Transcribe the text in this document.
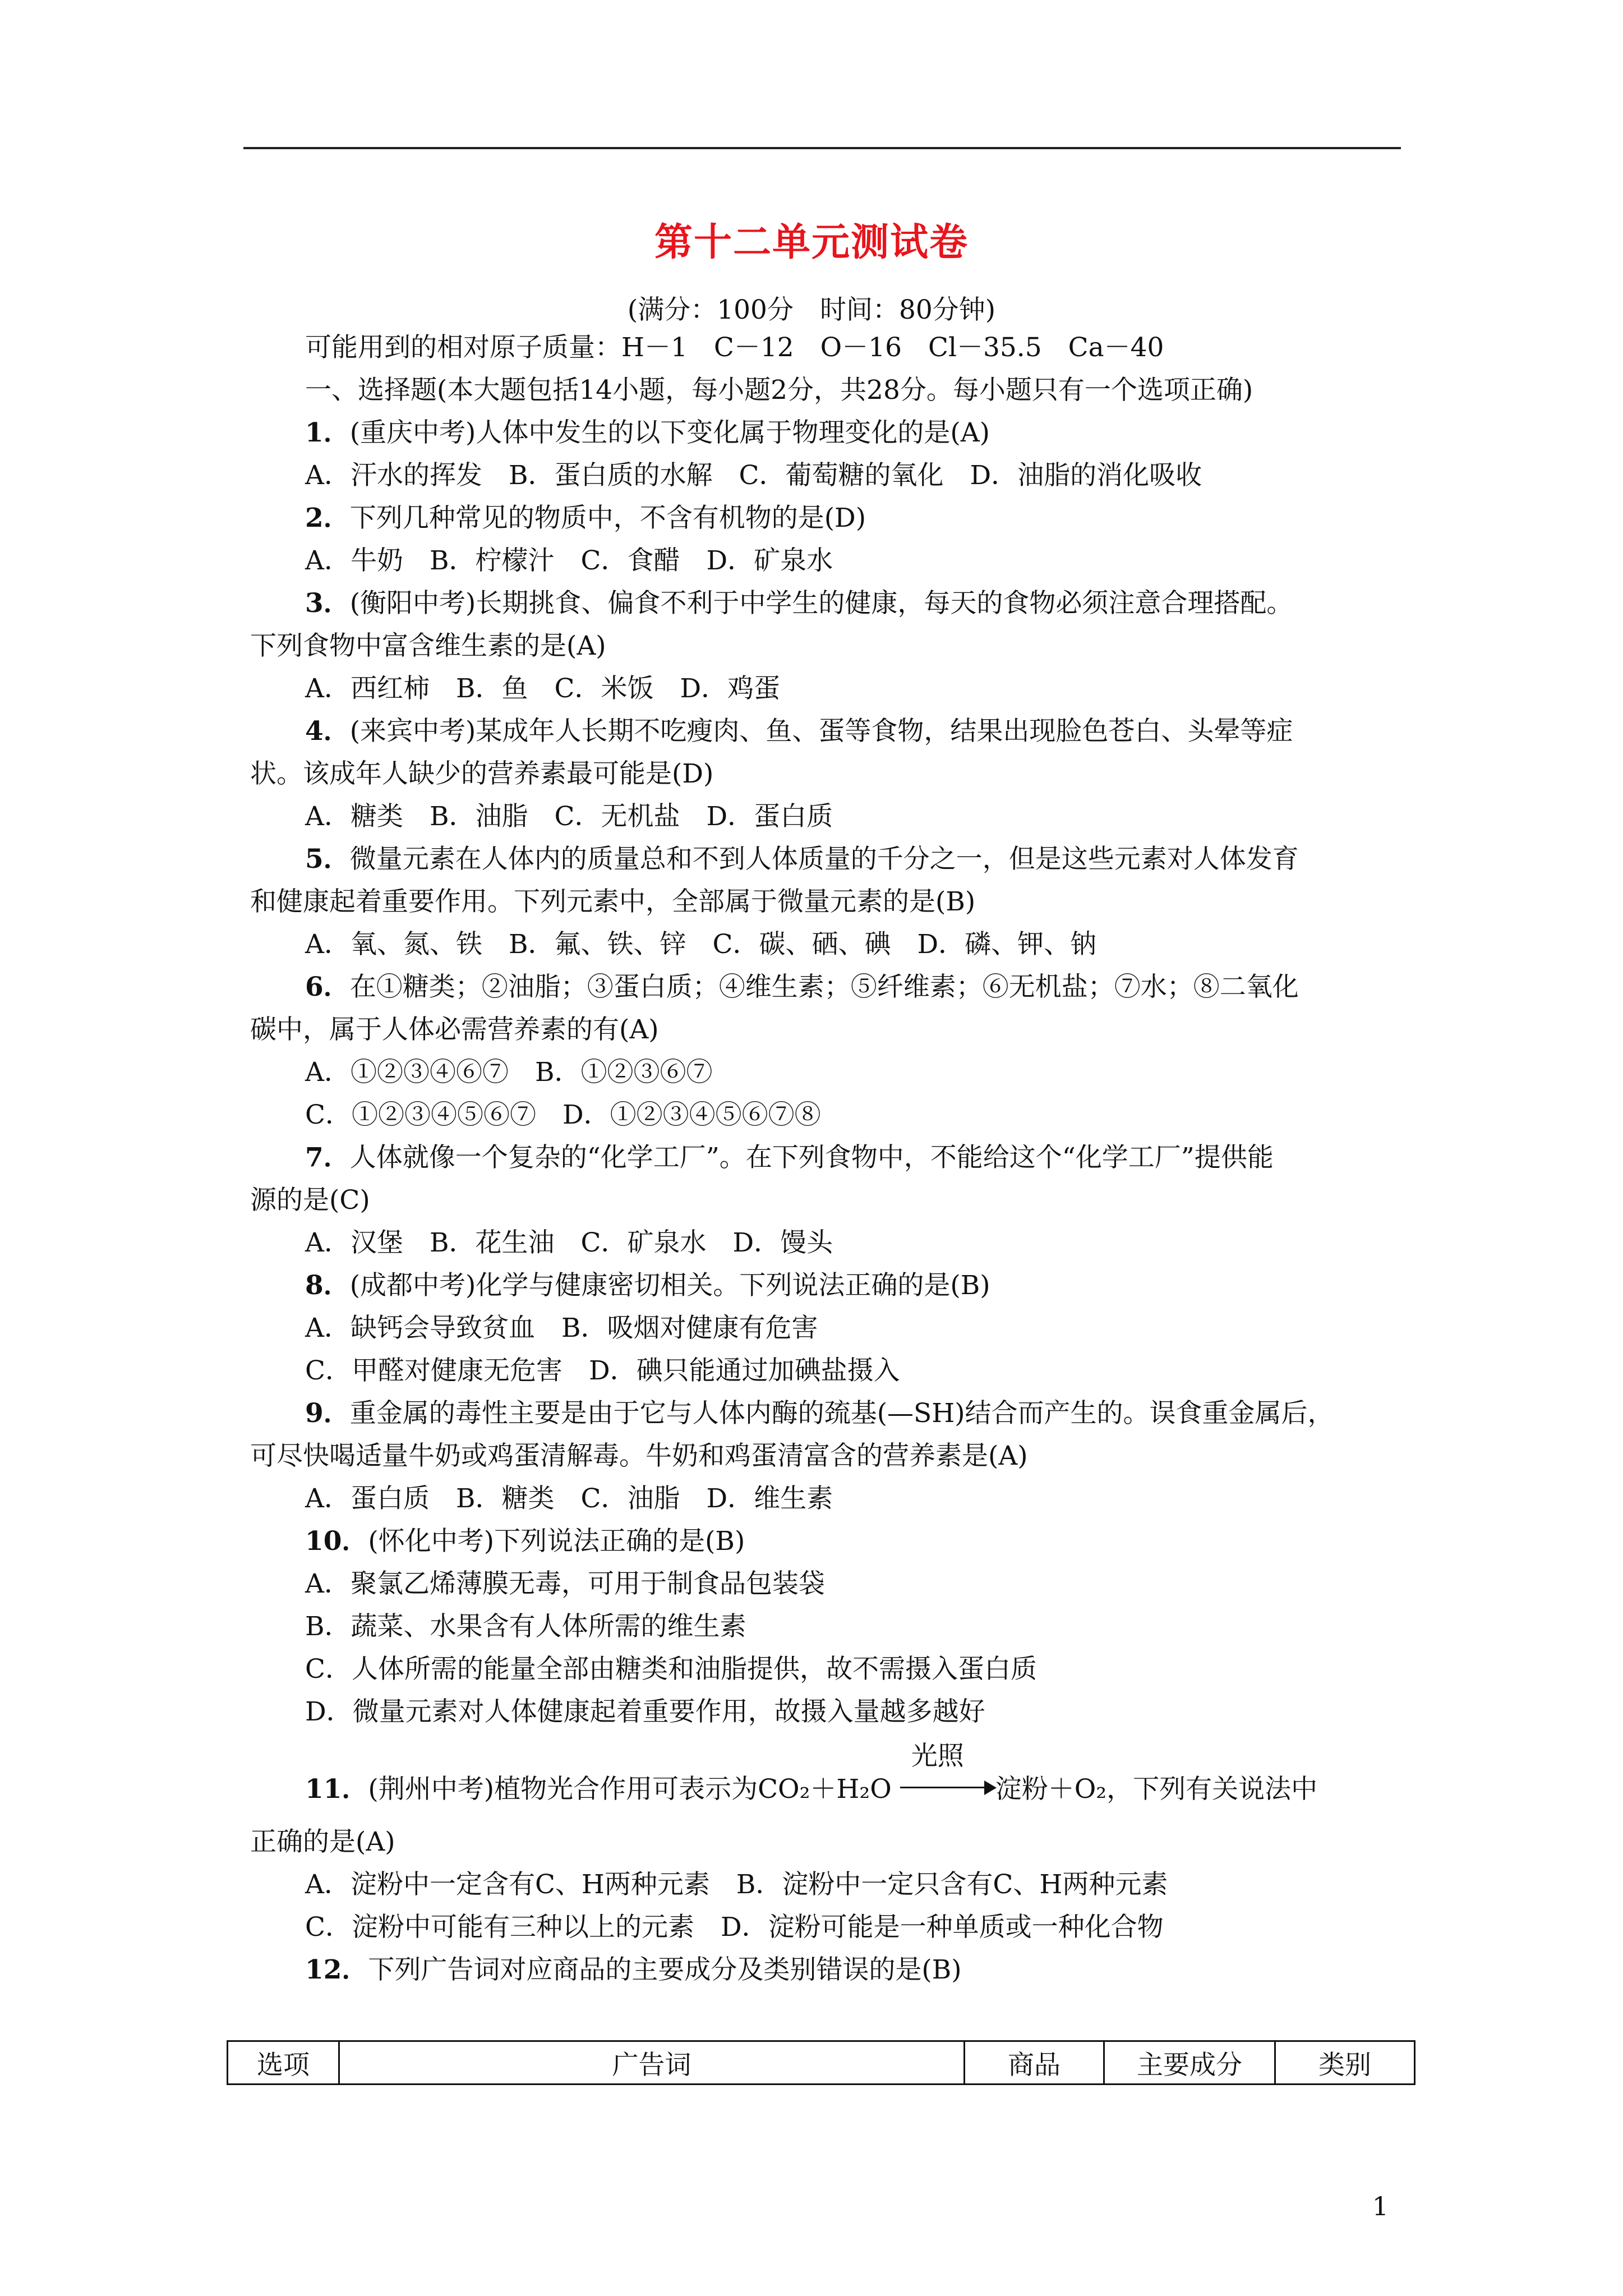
第十二单元测试卷
(满分：100分　时间：80分钟)
可能用到的相对原子质量：H－1　C－12　O－16　Cl－35.5　Ca－40
一、选择题(本大题包括14小题，每小题2分，共28分。每小题只有一个选项正确)
1．(重庆中考)人体中发生的以下变化属于物理变化的是(A)
A．汗水的挥发　B．蛋白质的水解　C．葡萄糖的氧化　D．油脂的消化吸收
2．下列几种常见的物质中，不含有机物的是(D)
A．牛奶　B．柠檬汁　C．食醋　D．矿泉水
3．(衡阳中考)长期挑食、偏食不利于中学生的健康，每天的食物必须注意合理搭配。
下列食物中富含维生素的是(A)
A．西红柿　B．鱼　C．米饭　D．鸡蛋
4．(来宾中考)某成年人长期不吃瘦肉、鱼、蛋等食物，结果出现脸色苍白、头晕等症
状。该成年人缺少的营养素最可能是(D)
A．糖类　B．油脂　C．无机盐　D．蛋白质
5．微量元素在人体内的质量总和不到人体质量的千分之一，但是这些元素对人体发育
和健康起着重要作用。下列元素中，全部属于微量元素的是(B)
A．氧、氮、铁　B．氟、铁、锌　C．碳、硒、碘　D．磷、钾、钠
6．在①糖类；②油脂；③蛋白质；④维生素；⑤纤维素；⑥无机盐；⑦水；⑧二氧化
碳中，属于人体必需营养素的有(A)
A．①②③④⑥⑦　B．①②③⑥⑦
C．①②③④⑤⑥⑦　D．①②③④⑤⑥⑦⑧
7．人体就像一个复杂的“化学工厂”。在下列食物中，不能给这个“化学工厂”提供能
源的是(C)
A．汉堡　B．花生油　C．矿泉水　D．馒头
8．(成都中考)化学与健康密切相关。下列说法正确的是(B)
A．缺钙会导致贫血　B．吸烟对健康有危害
C．甲醛对健康无危害　D．碘只能通过加碘盐摄入
9．重金属的毒性主要是由于它与人体内酶的巯基(—SH)结合而产生的。误食重金属后，
可尽快喝适量牛奶或鸡蛋清解毒。牛奶和鸡蛋清富含的营养素是(A)
A．蛋白质　B．糖类　C．油脂　D．维生素
10．(怀化中考)下列说法正确的是(B)
A．聚氯乙烯薄膜无毒，可用于制食品包装袋
B．蔬菜、水果含有人体所需的维生素
C．人体所需的能量全部由糖类和油脂提供，故不需摄入蛋白质
D．微量元素对人体健康起着重要作用，故摄入量越多越好
11．(荆州中考)植物光合作用可表示为CO₂＋H₂O
光照
淀粉＋O₂，下列有关说法中
正确的是(A)
A．淀粉中一定含有C、H两种元素　B．淀粉中一定只含有C、H两种元素
C．淀粉中可能有三种以上的元素　D．淀粉可能是一种单质或一种化合物
12．下列广告词对应商品的主要成分及类别错误的是(B)
选项	广告词	商品	主要成分	类别
1
